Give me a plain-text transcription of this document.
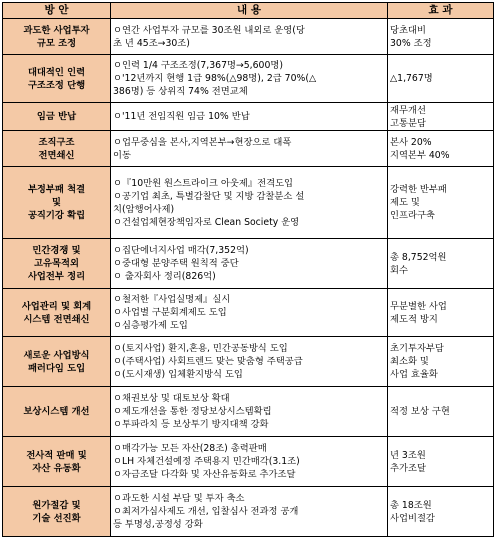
방 안	내 용	효 과

과도한 사업투자
규모 조정	ㅇ연간 사업투자 규모를 30조원 내외로 운영(당
초 년 45조→30조)	당초대비
30% 조정

대대적인 인력
구조조정 단행	ㅇ인력 1/4 구조조정(7,367명→5,600명)
ㅇ'12년까지 현행 1급 98%(△98명), 2급 70%(△
386명) 등 상위직 74% 전면교체	△1,767명

임금 반납	ㅇ'11년 전임직원 임금 10% 반납	재무개선
고통분담

조직구조
전면쇄신	ㅇ업무중심을 본사,지역본부→현장으로 대폭
이동	본사 20%
지역본부 40%

부정부패 척결
및
공직기강 확립	ㅇ『10만원 원스트라이크 아웃제』전격도입
ㅇ공기업 최초, 특별감찰단 및 지방 감찰분소 설
치(암행어사제)
ㅇ건설업체현장책임자로 Clean Society 운영	강력한 반부패
제도 및
인프라구축

민간경쟁 및
고유목적외
사업전부 정리	ㅇ집단에너지사업 매각(7,352억)
ㅇ중대형 분양주택 원칙적 중단
ㅇ 출자회사 정리(826억)	총 8,752억원
회수

사업관리 및 회계
시스템 전면쇄신	ㅇ철저한『사업실명제』실시
ㅇ사업별 구분회계제도 도입
ㅇ심층평가제 도입	무분별한 사업
제도적 방지

새로운 사업방식
패러다임 도입	ㅇ(토지사업) 환지,혼용, 민간공동방식 도입
ㅇ(주택사업) 사회트렌드 맞는 맞춤형 주택공급
ㅇ(도시재생) 입체환지방식 도입	초기투자부담
최소화 및
사업 효율화

보상시스템 개선	ㅇ채권보상 및 대토보상 확대
ㅇ제도개선을 통한 정당보상시스템확립
ㅇ투파라치 등 보상투기 방지대책 강화	적정 보상 구현

전사적 판매 및
자산 유동화	ㅇ매각가능 모든 자산(28조) 총력판매
ㅇLH 자체건설예정 주택용지 민간매각(3.1조)
ㅇ자금조달 다각화 및 자산유동화로 추가조달	년 3조원
추가조달

원가절감 및
기술 선진화	ㅇ과도한 시설 부담 및 투자 축소
ㅇ최저가심사제도 개선, 입찰심사 전과정 공개
등 투명성,공정성 강화	총 18조원
사업비절감
